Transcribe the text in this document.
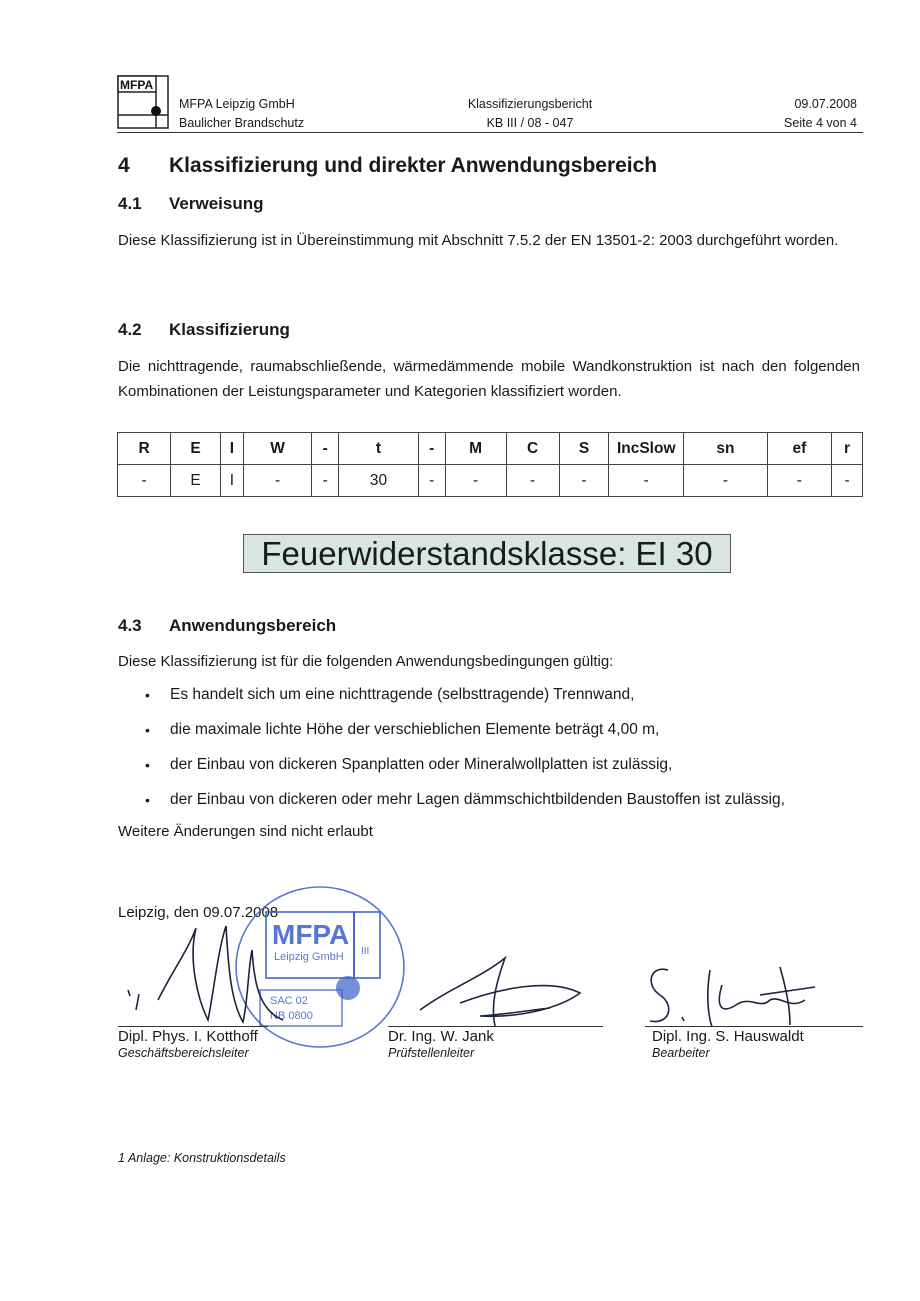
MFPA
MFPA Leipzig GmbH
Baulicher Brandschutz
Klassifizierungsbericht
KB III / 08 - 047
09.07.2008
Seite 4 von 4
4 Klassifizierung und direkter Anwendungsbereich
4.1 Verweisung
Diese Klassifizierung ist in Übereinstimmung mit Abschnitt 7.5.2 der EN 13501-2: 2003 durchgeführt worden.
4.2 Klassifizierung
Die nichttragende, raumabschließende, wärmedämmende mobile Wandkonstruktion ist nach den folgenden Kombinationen der Leistungsparameter und Kategorien klassifiziert worden.
R	E	I	W	-	t	-	M	C	S	IncSlow	sn	ef	r
-	E	I	-	-	30	-	-	-	-	-	-	-	-
Feuerwiderstandsklasse: EI 30
4.3 Anwendungsbereich
Diese Klassifizierung ist für die folgenden Anwendungsbedingungen gültig:
• Es handelt sich um eine nichttragende (selbsttragende) Trennwand,
• die maximale lichte Höhe der verschieblichen Elemente beträgt 4,00 m,
• der Einbau von dickeren Spanplatten oder Mineralwollplatten ist zulässig,
• der Einbau von dickeren oder mehr Lagen dämmschichtbildenden Baustoffen ist zulässig,
Weitere Änderungen sind nicht erlaubt
Leipzig, den 09.07.2008
MFPA
Leipzig GmbH III
SAC 02
NB 0800
Dipl. Phys. I. Kotthoff
Geschäftsbereichsleiter
Dr. Ing. W. Jank
Prüfstellenleiter
Dipl. Ing. S. Hauswaldt
Bearbeiter
1 Anlage: Konstruktionsdetails
